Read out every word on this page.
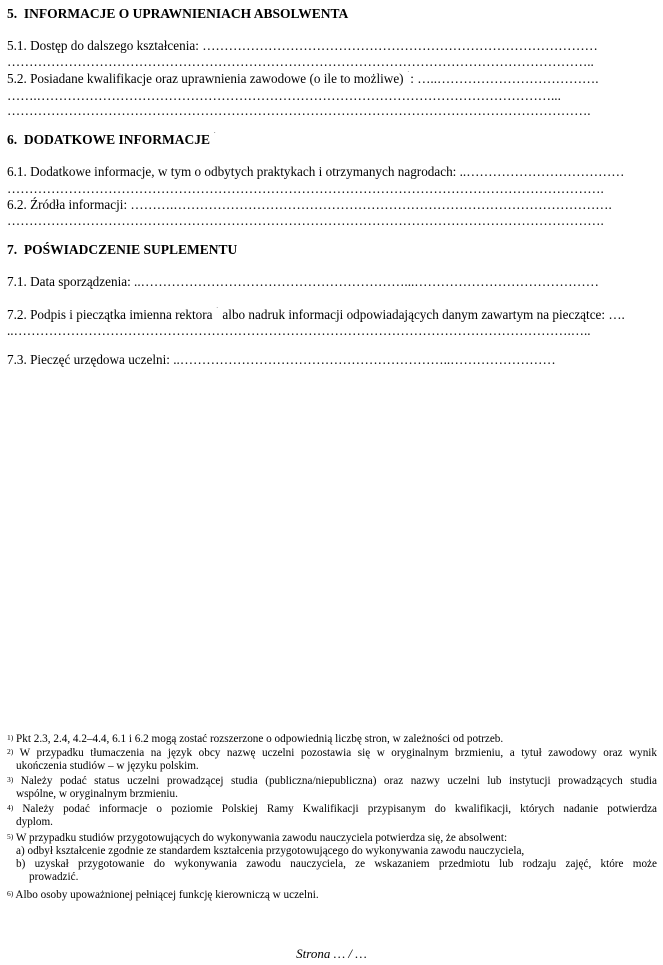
5.  INFORMACJE O UPRAWNIENIACH ABSOLWENTA
5.1. Dostęp do dalszego kształcenia: ………………………………………………………………………………
……………………………………………………………………………………………………………………..
5.2. Posiadane kwalifikacje oraz uprawnienia zawodowe (o ile to możliwe) : …..……………………………….
…….………………………………………………………………………………………………………...
…………………………………………………………………………………………………………………….
6.  DODATKOWE INFORMACJE
6.1. Dodatkowe informacje, w tym o odbytych praktykach i otrzymanych nagrodach: ..………………………………
……………………………………………………………………………………………………………………….
6.2. Źródła informacji: ……….……………………………………………………………………………………….
……………………………………………………………………………………………………………………….
7.  POŚWIADCZENIE SUPLEMENTU
7.1. Data sporządzenia: ..……………………………………………………...……………………………………
7.2. Podpis i pieczątka imienna rektora albo nadruk informacji odpowiadających danym zawartym na pieczątce: ….
..……………………………………………………………………………………………………………….…..
7.3. Pieczęć urzędowa uczelni: ..……………………………………………………..……………………
$^{1)}$ Pkt 2.3, 2.4, 4.2–4.4, 6.1 i 6.2 mogą zostać rozszerzone o odpowiednią liczbę stron, w zależności od potrzeb.
$^{2)}$ W przypadku tłumaczenia na język obcy nazwę uczelni pozostawia się w oryginalnym brzmieniu, a tytuł zawodowy oraz wynik
ukończenia studiów – w języku polskim.
$^{3)}$ Należy podać status uczelni prowadzącej studia (publiczna/niepubliczna) oraz nazwy uczelni lub instytucji prowadzących studia
wspólne, w oryginalnym brzmieniu.
$^{4)}$ Należy podać informacje o poziomie Polskiej Ramy Kwalifikacji przypisanym do kwalifikacji, których nadanie potwierdza
dyplom.
$^{5)}$ W przypadku studiów przygotowujących do wykonywania zawodu nauczyciela potwierdza się, że absolwent:
a) odbył kształcenie zgodnie ze standardem kształcenia przygotowującego do wykonywania zawodu nauczyciela,
b) uzyskał przygotowanie do wykonywania zawodu nauczyciela, ze wskazaniem przedmiotu lub rodzaju zajęć, które może
prowadzić.
$^{6)}$ Albo osoby upoważnionej pełniącej funkcję kierowniczą w uczelni.
Strona … / …
